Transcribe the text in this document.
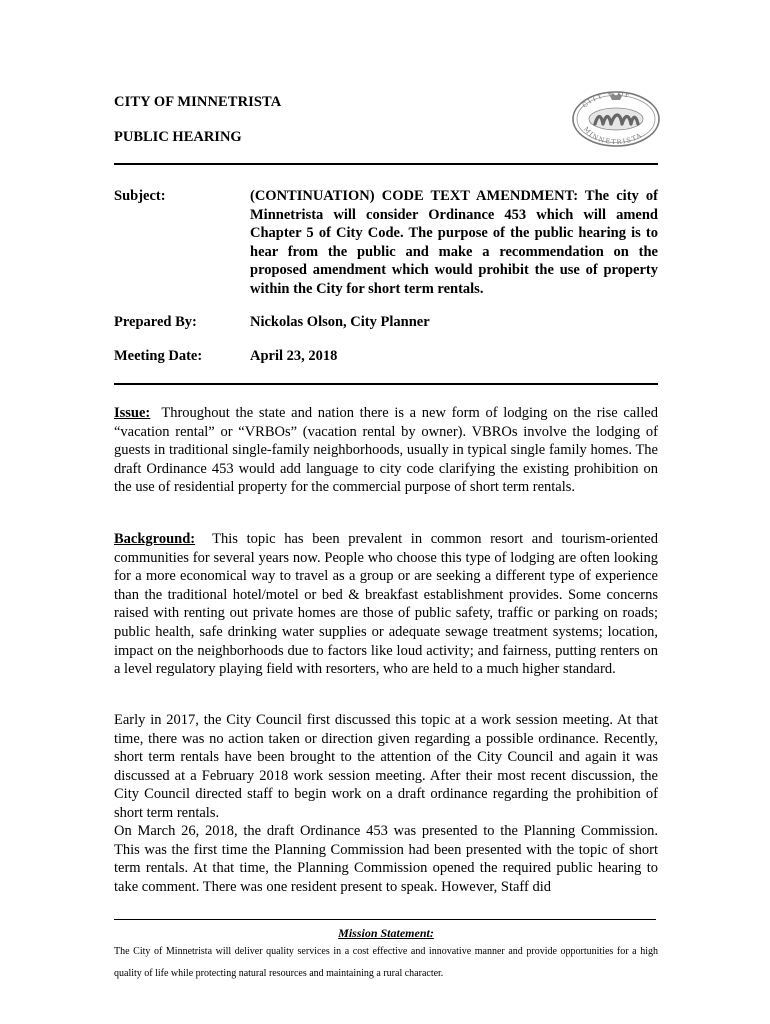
CITY OF MINNETRISTA
PUBLIC HEARING
CITY ⚜ OF
MINNETRISTA
Subject:	(CONTINUATION) CODE TEXT AMENDMENT: The city of Minnetrista will consider Ordinance 453 which will amend Chapter 5 of City Code. The purpose of the public hearing is to hear from the public and make a recommendation on the proposed amendment which would prohibit the use of property within the City for short term rentals.
Prepared By:	Nickolas Olson, City Planner
Meeting Date:	April 23, 2018

Issue: Throughout the state and nation there is a new form of lodging on the rise called “vacation rental” or “VRBOs” (vacation rental by owner). VBROs involve the lodging of guests in traditional single-family neighborhoods, usually in typical single family homes. The draft Ordinance 453 would add language to city code clarifying the existing prohibition on the use of residential property for the commercial purpose of short term rentals.

Background: This topic has been prevalent in common resort and tourism-oriented communities for several years now. People who choose this type of lodging are often looking for a more economical way to travel as a group or are seeking a different type of experience than the traditional hotel/motel or bed & breakfast establishment provides. Some concerns raised with renting out private homes are those of public safety, traffic or parking on roads; public health, safe drinking water supplies or adequate sewage treatment systems; location, impact on the neighborhoods due to factors like loud activity; and fairness, putting renters on a level regulatory playing field with resorters, who are held to a much higher standard.

Early in 2017, the City Council first discussed this topic at a work session meeting. At that time, there was no action taken or direction given regarding a possible ordinance. Recently, short term rentals have been brought to the attention of the City Council and again it was discussed at a February 2018 work session meeting. After their most recent discussion, the City Council directed staff to begin work on a draft ordinance regarding the prohibition of short term rentals.

On March 26, 2018, the draft Ordinance 453 was presented to the Planning Commission. This was the first time the Planning Commission had been presented with the topic of short term rentals. At that time, the Planning Commission opened the required public hearing to take comment. There was one resident present to speak. However, Staff did

Mission Statement:

The City of Minnetrista will deliver quality services in a cost effective and innovative manner and provide opportunities for a high quality of life while protecting natural resources and maintaining a rural character.
